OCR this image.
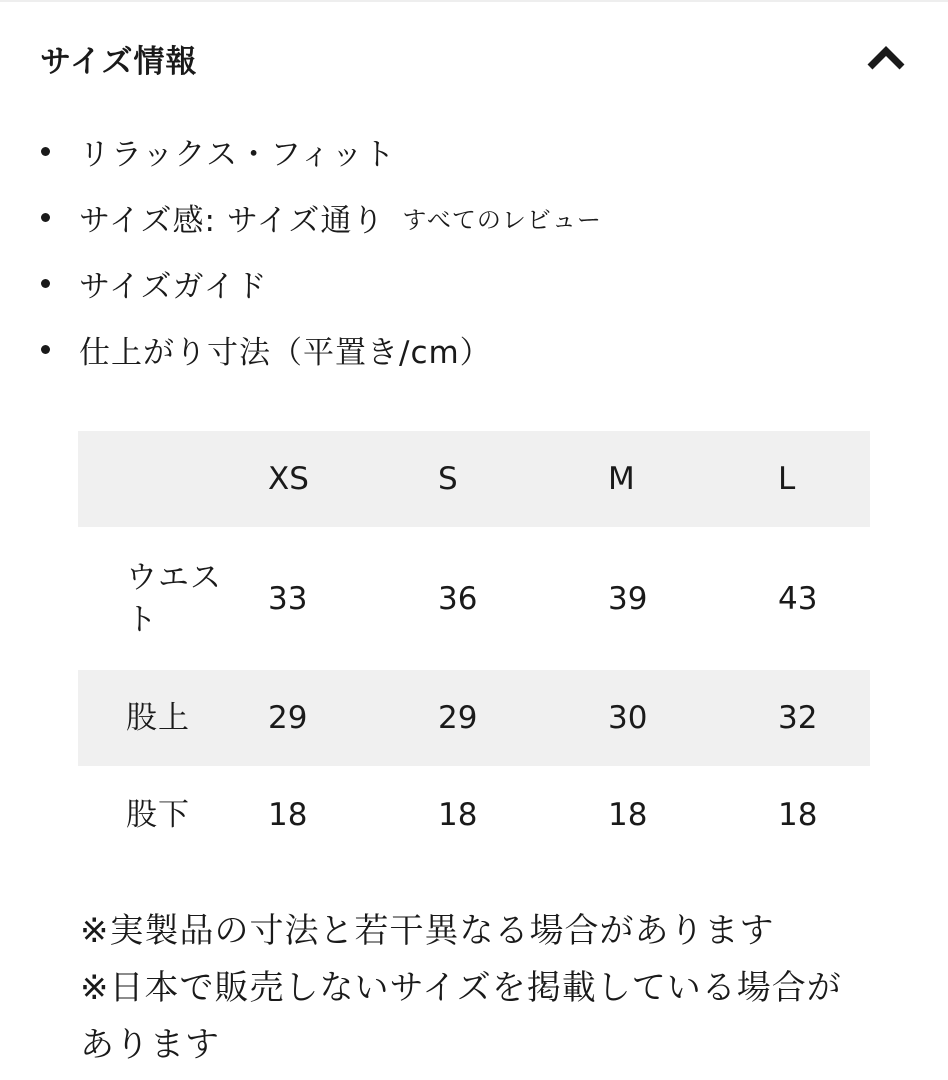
サイズ情報
リラックス・フィット
サイズ感: サイズ通り すべてのレビュー
サイズガイド
仕上がり寸法（平置き/cm）
	XS	S	M	L
ウエスト	33	36	39	43
股上	29	29	30	32
股下	18	18	18	18

※実製品の寸法と若干異なる場合があります

※日本で販売しないサイズを掲載している場合があります
